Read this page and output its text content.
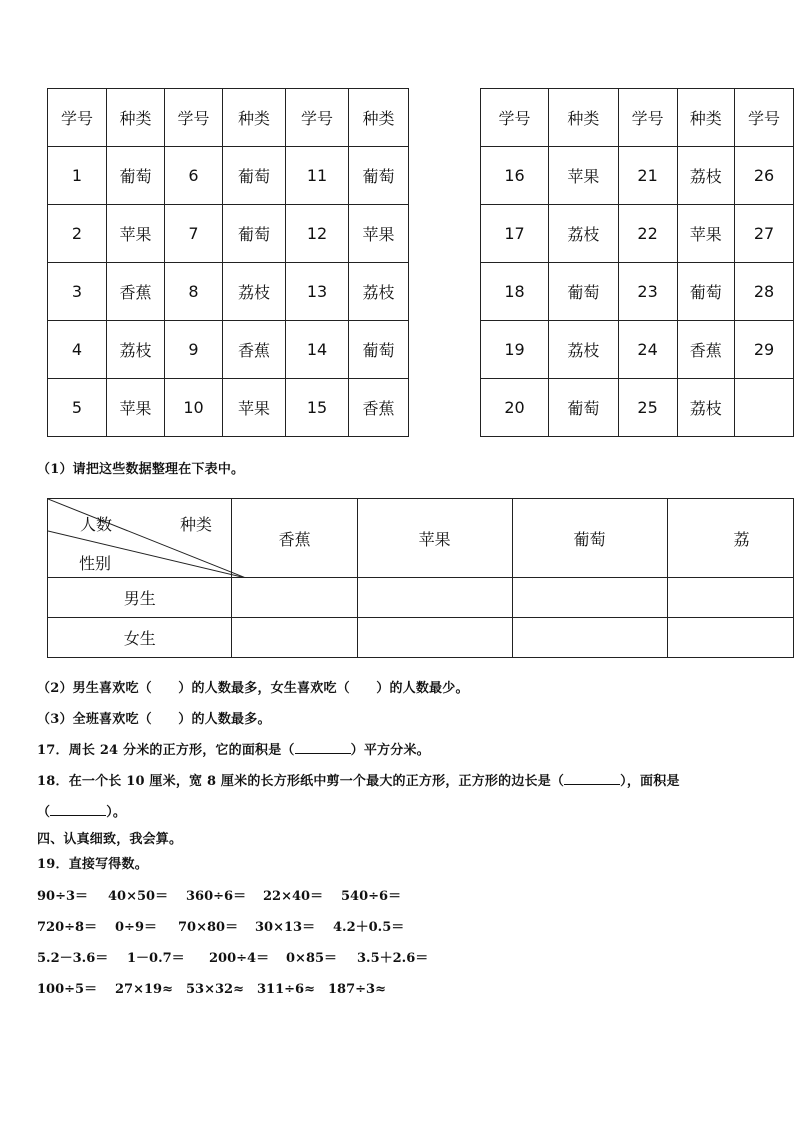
学号	种类	学号	种类	学号	种类
1	葡萄	6	葡萄	11	葡萄
2	苹果	7	葡萄	12	苹果
3	香蕉	8	荔枝	13	荔枝
4	荔枝	9	香蕉	14	葡萄
5	苹果	10	苹果	15	香蕉
学号	种类	学号	种类	学号
16	苹果	21	荔枝	26
17	荔枝	22	苹果	27
18	葡萄	23	葡萄	28
19	荔枝	24	香蕉	29
20	葡萄	25	荔枝	
（1）请把这些数据整理在下表中。
人数 种类
性别	香蕉	苹果	葡萄	荔
男生				
女生				
（2）男生喜欢吃（　　）的人数最多，女生喜欢吃（　　）的人数最少。
（3）全班喜欢吃（　　）的人数最多。
17．周长 24 分米的正方形，它的面积是（	）平方分米。
18．在一个长 10 厘米，宽 8 厘米的长方形纸中剪一个最大的正方形，正方形的边长是（	），面积是
（	）。
四、认真细致，我会算。
19．直接写得数。
90÷3＝ 40×50＝ 360÷6＝ 22×40＝ 540÷6＝
720÷8＝ 0÷9＝ 70×80＝ 30×13＝ 4.2＋0.5＝
5.2－3.6＝ 1－0.7＝ 200÷4＝ 0×85＝ 3.5＋2.6＝
100÷5＝ 27×19≈ 53×32≈ 311÷6≈ 187÷3≈
